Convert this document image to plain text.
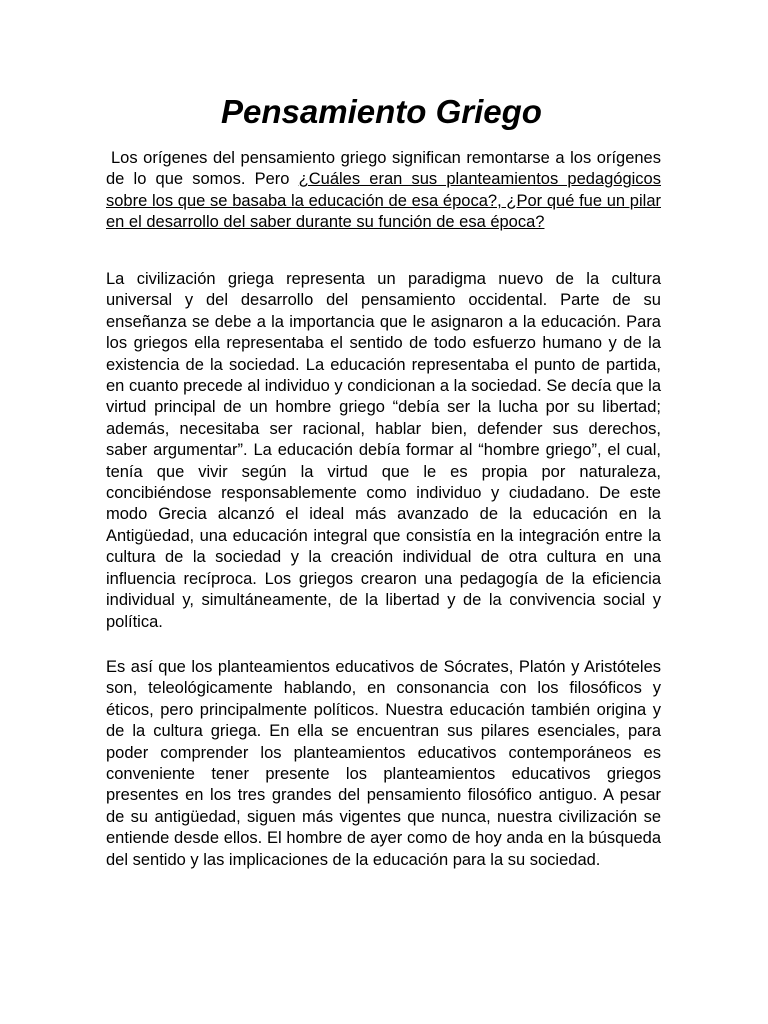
Pensamiento Griego

Los orígenes del pensamiento griego significan remontarse a los orígenes de lo que somos. Pero ¿Cuáles eran sus planteamientos pedagógicos sobre los que se basaba la educación de esa época?, ¿Por qué fue un pilar en el desarrollo del saber durante su función de esa época?

La civilización griega representa un paradigma nuevo de la cultura universal y del desarrollo del pensamiento occidental. Parte de su enseñanza se debe a la importancia que le asignaron a la educación. Para los griegos ella representaba el sentido de todo esfuerzo humano y de la existencia de la sociedad. La educación representaba el punto de partida, en cuanto precede al individuo y condicionan a la sociedad. Se decía que la virtud principal de un hombre griego “debía ser la lucha por su libertad; además, necesitaba ser racional, hablar bien, defender sus derechos, saber argumentar”. La educación debía formar al “hombre griego”, el cual, tenía que vivir según la virtud que le es propia por naturaleza, concibiéndose responsablemente como individuo y ciudadano. De este modo Grecia alcanzó el ideal más avanzado de la educación en la Antigüedad, una educación integral que consistía en la integración entre la cultura de la sociedad y la creación individual de otra cultura en una influencia recíproca. Los griegos crearon una pedagogía de la eficiencia individual y, simultáneamente, de la libertad y de la convivencia social y política.

Es así que los planteamientos educativos de Sócrates, Platón y Aristóteles son, teleológicamente hablando, en consonancia con los filosóficos y éticos, pero principalmente políticos. Nuestra educación también origina y de la cultura griega. En ella se encuentran sus pilares esenciales, para poder comprender los planteamientos educativos contemporáneos es conveniente tener presente los planteamientos educativos griegos presentes en los tres grandes del pensamiento filosófico antiguo. A pesar de su antigüedad, siguen más vigentes que nunca, nuestra civilización se entiende desde ellos. El hombre de ayer como de hoy anda en la búsqueda del sentido y las implicaciones de la educación para la su sociedad.
